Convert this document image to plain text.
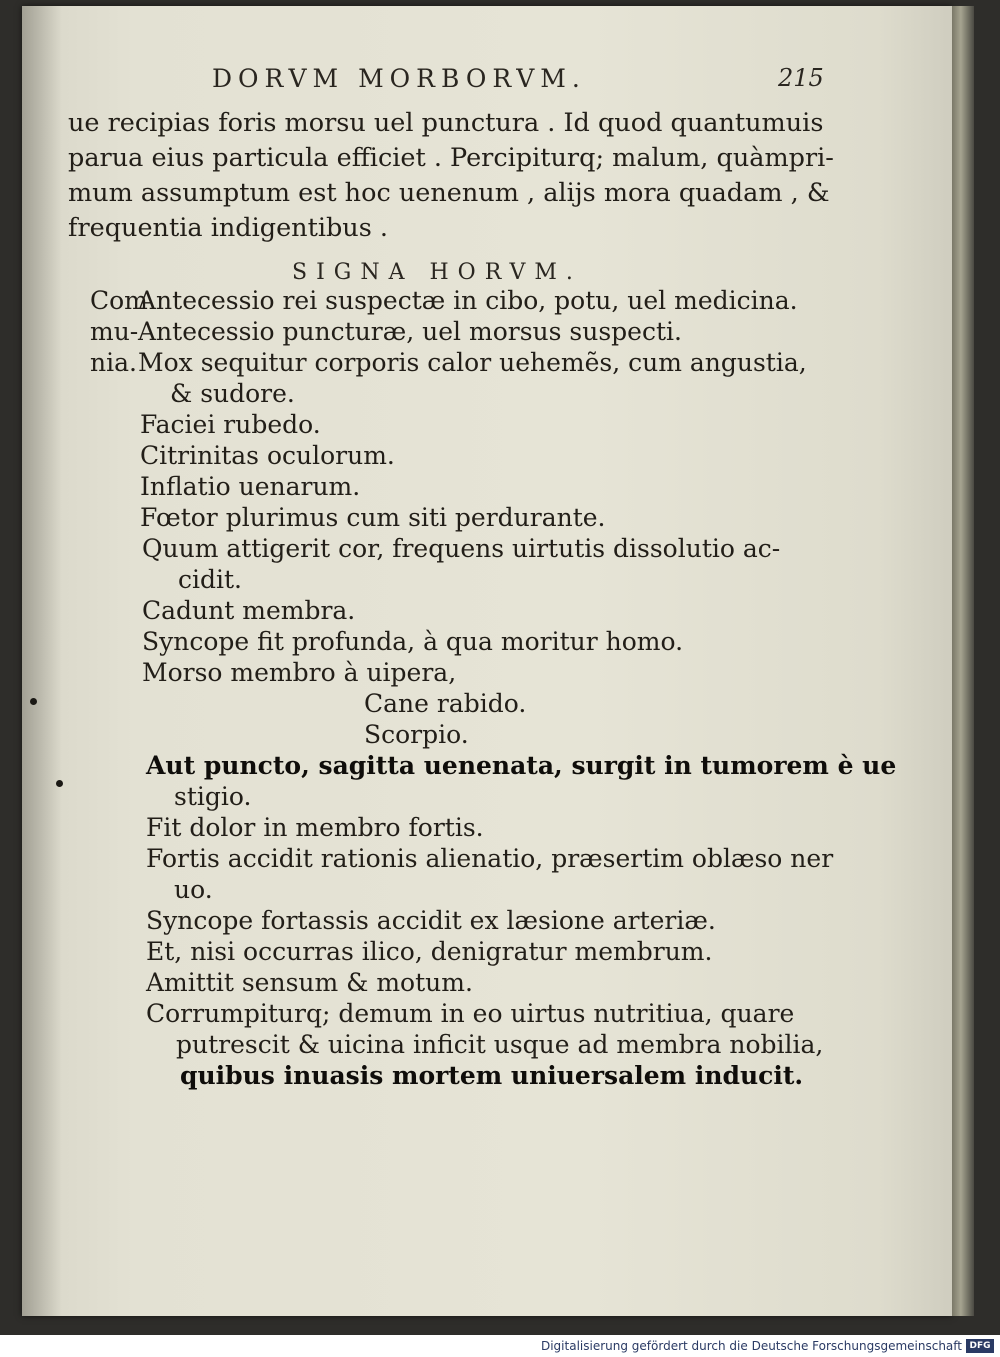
DORVM MORBORVM.	215
ue recipias foris morsu uel punctura . Id quod quantumuis
parua eius particula efficiet . Percipiturq; malum, quàmpri-
mum assumptum est hoc uenenum , alijs mora quadam , &
frequentia indigentibus .
SIGNA HORVM.
Com
mu-
nia.
Antecessio rei suspectæ in cibo, potu, uel medicina.
Antecessio puncturæ, uel morsus suspecti.
Mox sequitur corporis calor uehemẽs, cum angustia,
& sudore.
Faciei rubedo.
Citrinitas oculorum.
Inflatio uenarum.
Fœtor plurimus cum siti perdurante.
Quum attigerit cor, frequens uirtutis dissolutio ac-
cidit.
Cadunt membra.
Syncope fit profunda, à qua moritur homo.
Morso membro à uipera,
Cane rabido.
Scorpio.
Aut puncto, sagitta uenenata, surgit in tumorem è ue
stigio.
Fit dolor in membro fortis.
Fortis accidit rationis alienatio, præsertim oblæso ner
uo.
Syncope fortassis accidit ex læsione arteriæ.
Et, nisi occurras ilico, denigratur membrum.
Amittit sensum & motum.
Corrumpiturq; demum in eo uirtus nutritiua, quare
putrescit & uicina inficit usque ad membra nobilia,
quibus inuasis mortem uniuersalem inducit.
Digitalisierung gefördert durch die Deutsche Forschungsgemeinschaft DFG
